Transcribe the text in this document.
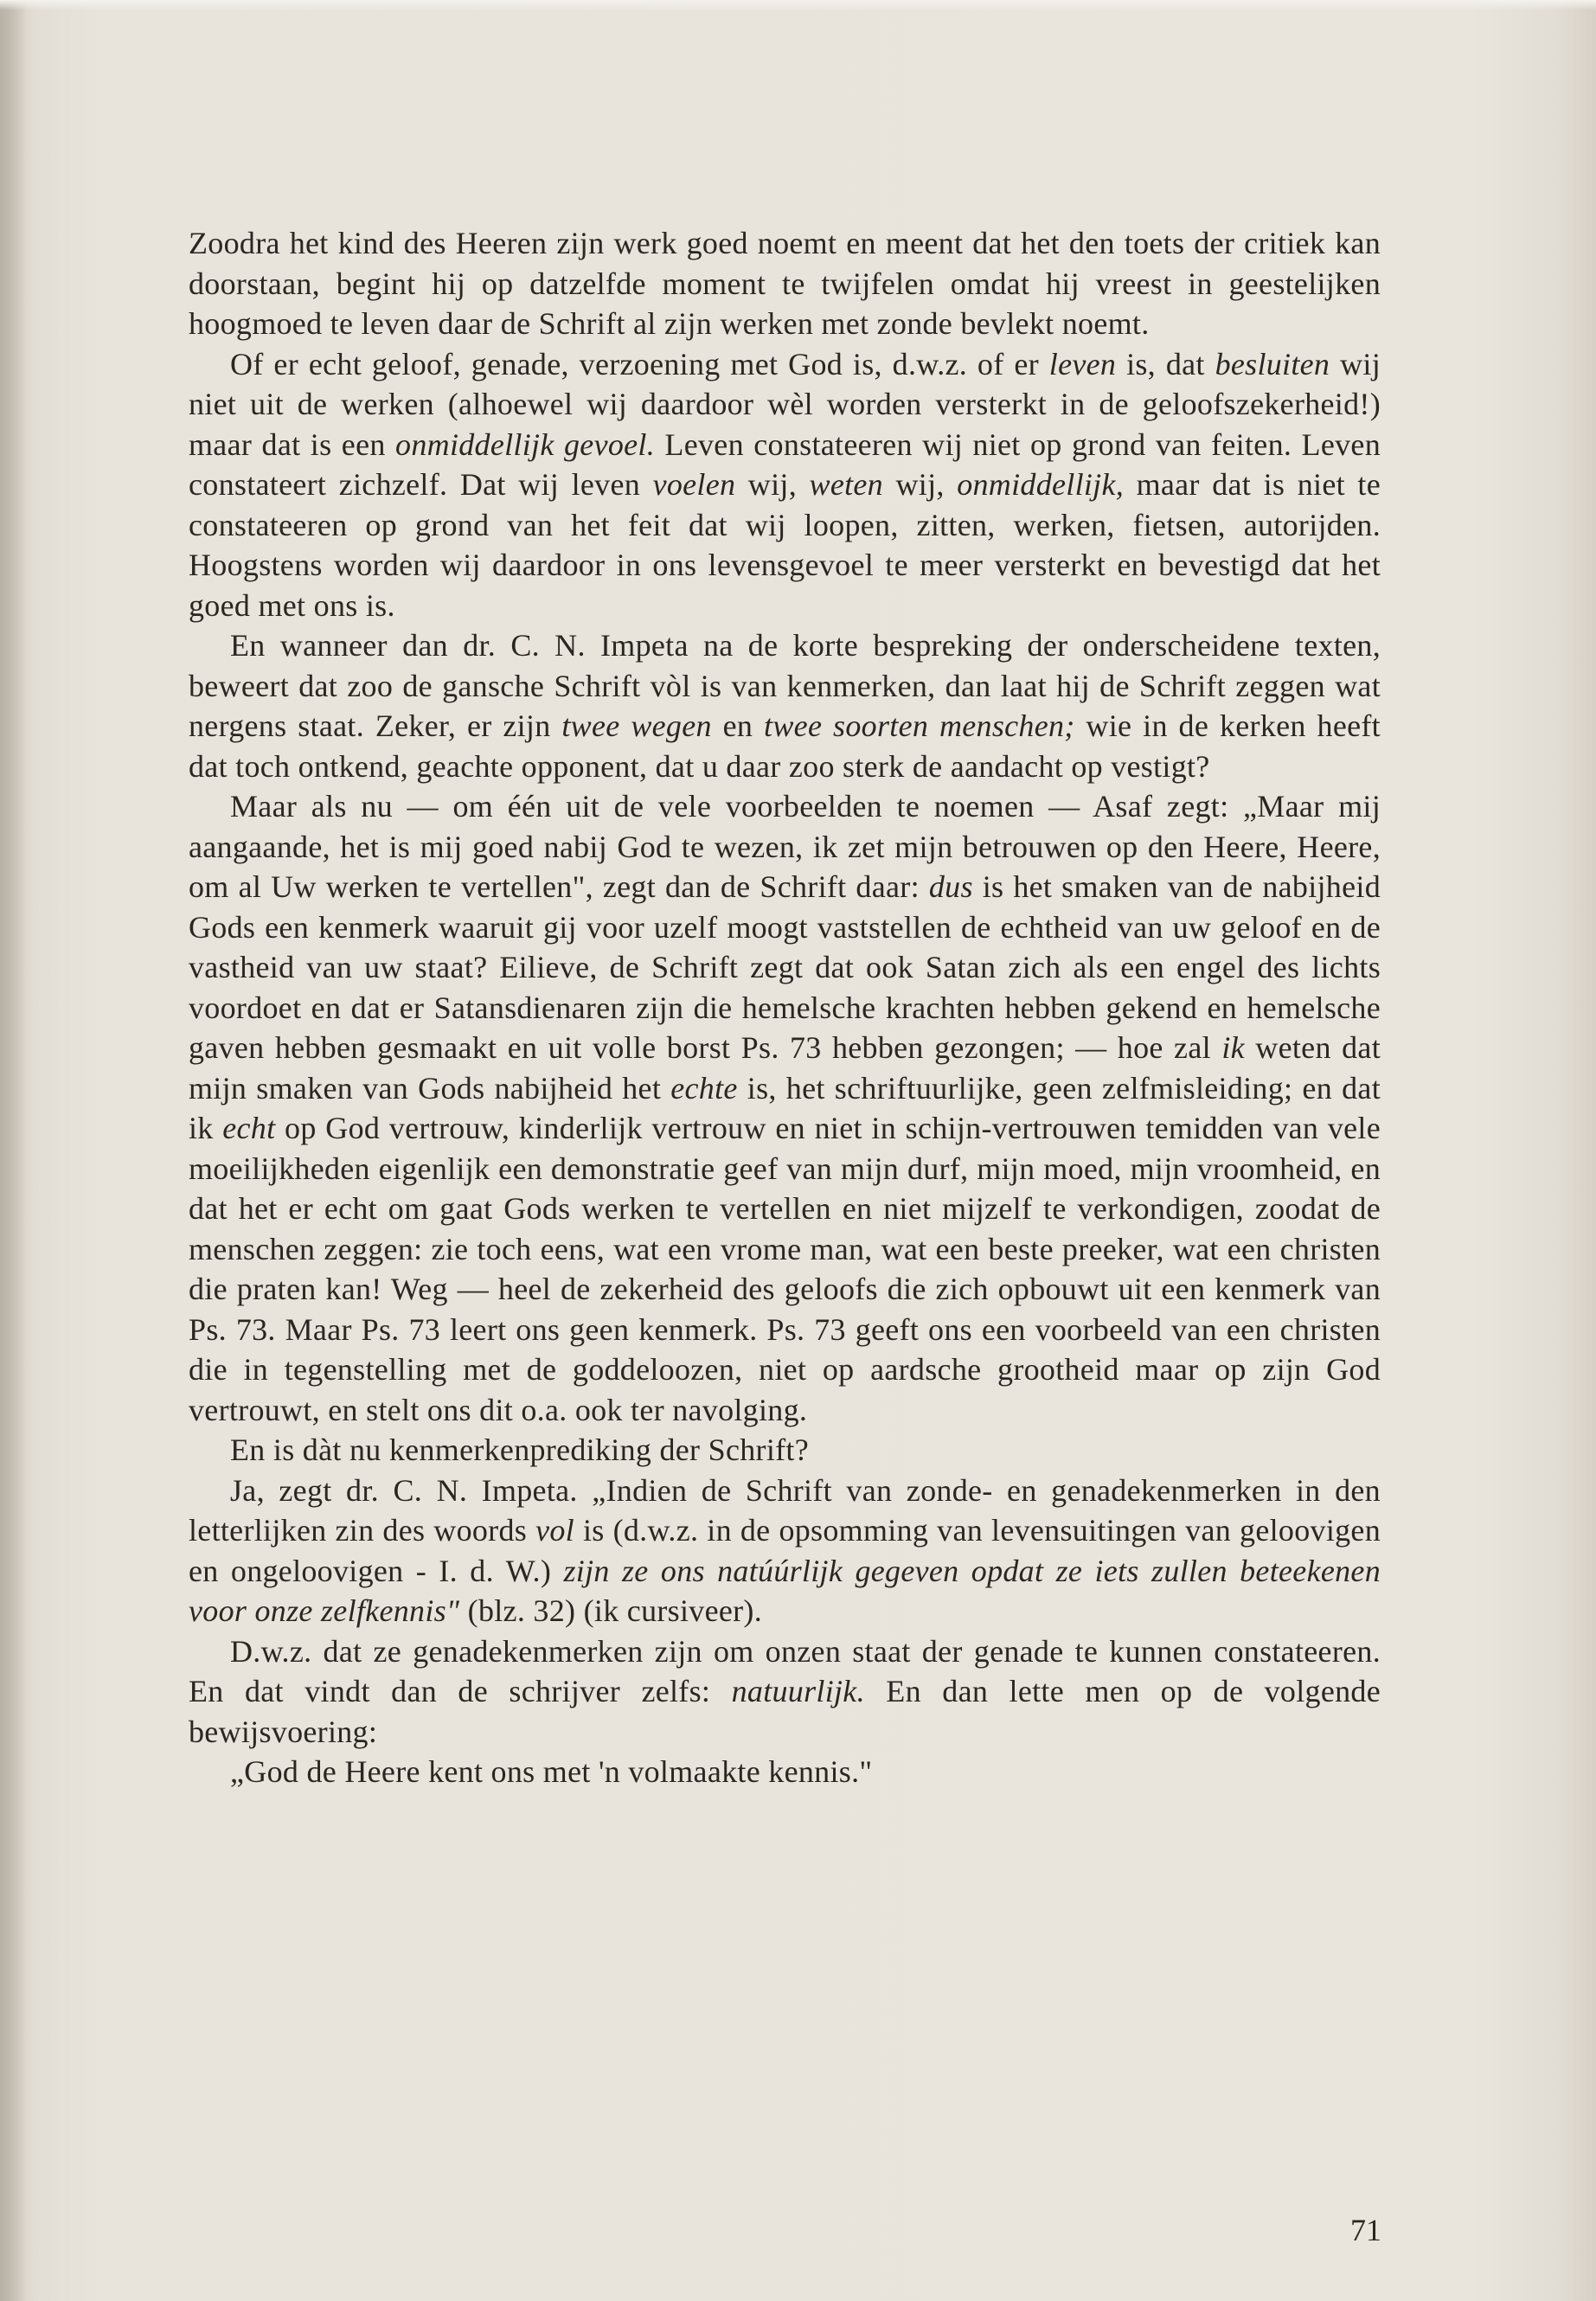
Zoodra het kind des Heeren zijn werk goed noemt en meent dat het den toets der critiek kan doorstaan, begint hij op datzelfde moment te twijfelen omdat hij vreest in geestelijken hoogmoed te leven daar de Schrift al zijn werken met zonde bevlekt noemt.

Of er echt geloof, genade, verzoening met God is, d.w.z. of er leven is, dat besluiten wij niet uit de werken (alhoewel wij daardoor wèl worden versterkt in de geloofszekerheid!) maar dat is een onmiddellijk gevoel. Leven constateeren wij niet op grond van feiten. Leven constateert zichzelf. Dat wij leven voelen wij, weten wij, onmiddellijk, maar dat is niet te constateeren op grond van het feit dat wij loopen, zitten, werken, fietsen, autorijden. Hoogstens worden wij daardoor in ons levensgevoel te meer versterkt en bevestigd dat het goed met ons is.

En wanneer dan dr. C. N. Impeta na de korte bespreking der onderscheidene texten, beweert dat zoo de gansche Schrift vòl is van kenmerken, dan laat hij de Schrift zeggen wat nergens staat. Zeker, er zijn twee wegen en twee soorten menschen; wie in de kerken heeft dat toch ontkend, geachte opponent, dat u daar zoo sterk de aandacht op vestigt?

Maar als nu — om één uit de vele voorbeelden te noemen — Asaf zegt: „Maar mij aangaande, het is mij goed nabij God te wezen, ik zet mijn betrouwen op den Heere, Heere, om al Uw werken te vertellen", zegt dan de Schrift daar: dus is het smaken van de nabijheid Gods een kenmerk waaruit gij voor uzelf moogt vaststellen de echtheid van uw geloof en de vastheid van uw staat? Eilieve, de Schrift zegt dat ook Satan zich als een engel des lichts voordoet en dat er Satansdienaren zijn die hemelsche krachten hebben gekend en hemelsche gaven hebben gesmaakt en uit volle borst Ps. 73 hebben gezongen; — hoe zal ik weten dat mijn smaken van Gods nabijheid het echte is, het schriftuurlijke, geen zelfmisleiding; en dat ik echt op God vertrouw, kinderlijk vertrouw en niet in schijn-vertrouwen temidden van vele moeilijkheden eigenlijk een demonstratie geef van mijn durf, mijn moed, mijn vroomheid, en dat het er echt om gaat Gods werken te vertellen en niet mijzelf te verkondigen, zoodat de menschen zeggen: zie toch eens, wat een vrome man, wat een beste preeker, wat een christen die praten kan! Weg — heel de zekerheid des geloofs die zich opbouwt uit een kenmerk van Ps. 73. Maar Ps. 73 leert ons geen kenmerk. Ps. 73 geeft ons een voorbeeld van een christen die in tegenstelling met de goddeloozen, niet op aardsche grootheid maar op zijn God vertrouwt, en stelt ons dit o.a. ook ter navolging.

En is dàt nu kenmerkenprediking der Schrift?

Ja, zegt dr. C. N. Impeta. „Indien de Schrift van zonde- en genadekenmerken in den letterlijken zin des woords vol is (d.w.z. in de opsomming van levensuitingen van geloovigen en ongeloovigen - I. d. W.) zijn ze ons natúúrlijk gegeven opdat ze iets zullen beteekenen voor onze zelfkennis" (blz. 32) (ik cursiveer).

D.w.z. dat ze genadekenmerken zijn om onzen staat der genade te kunnen constateeren. En dat vindt dan de schrijver zelfs: natuurlijk. En dan lette men op de volgende bewijsvoering:

„God de Heere kent ons met 'n volmaakte kennis."

71
